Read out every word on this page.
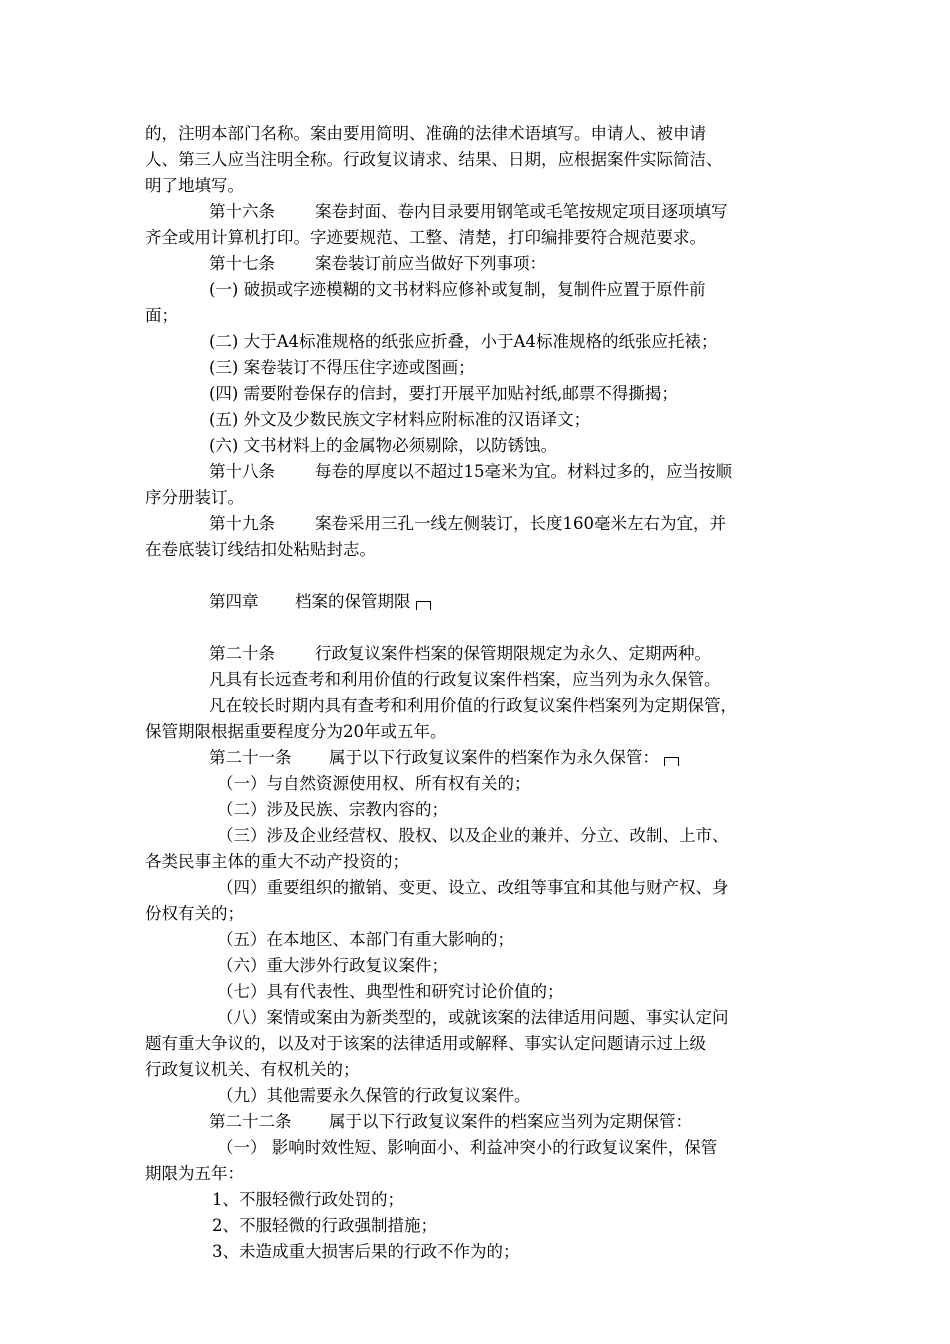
的，注明本部门名称。案由要用简明、准确的法律术语填写。申请人、被申请
人、第三人应当注明全称。行政复议请求、结果、日期，应根据案件实际简洁、
明了地填写。
第十六条 案卷封面、卷内目录要用钢笔或毛笔按规定项目逐项填写
齐全或用计算机打印。字迹要规范、工整、清楚，打印编排要符合规范要求。
第十七条 案卷装订前应当做好下列事项：
(一) 破损或字迹模糊的文书材料应修补或复制，复制件应置于原件前
面；
(二) 大于A4标准规格的纸张应折叠，小于A4标准规格的纸张应托裱；
(三) 案卷装订不得压住字迹或图画；
(四) 需要附卷保存的信封，要打开展平加贴衬纸,邮票不得撕揭；
(五) 外文及少数民族文字材料应附标准的汉语译文；
(六) 文书材料上的金属物必须剔除，以防锈蚀。
第十八条 每卷的厚度以不超过15毫米为宜。材料过多的，应当按顺
序分册装订。
第十九条 案卷采用三孔一线左侧装订，长度160毫米左右为宜，并
在卷底装订线结扣处粘贴封志。
第四章 档案的保管期限
第二十条 行政复议案件档案的保管期限规定为永久、定期两种。
凡具有长远查考和利用价值的行政复议案件档案，应当列为永久保管。
凡在较长时期内具有查考和利用价值的行政复议案件档案列为定期保管，
保管期限根据重要程度分为20年或五年。
第二十一条 属于以下行政复议案件的档案作为永久保管：
（一）与自然资源使用权、所有权有关的；
（二）涉及民族、宗教内容的；
（三）涉及企业经营权、股权、以及企业的兼并、分立、改制、上市、
各类民事主体的重大不动产投资的；
（四）重要组织的撤销、变更、设立、改组等事宜和其他与财产权、身
份权有关的；
（五）在本地区、本部门有重大影响的；
（六）重大涉外行政复议案件；
（七）具有代表性、典型性和研究讨论价值的；
（八）案情或案由为新类型的，或就该案的法律适用问题、事实认定问
题有重大争议的，以及对于该案的法律适用或解释、事实认定问题请示过上级
行政复议机关、有权机关的；
（九）其他需要永久保管的行政复议案件。
第二十二条 属于以下行政复议案件的档案应当列为定期保管：
（一） 影响时效性短、影响面小、利益冲突小的行政复议案件，保管
期限为五年：
1、不服轻微行政处罚的；
2、不服轻微的行政强制措施；
3、未造成重大损害后果的行政不作为的；
